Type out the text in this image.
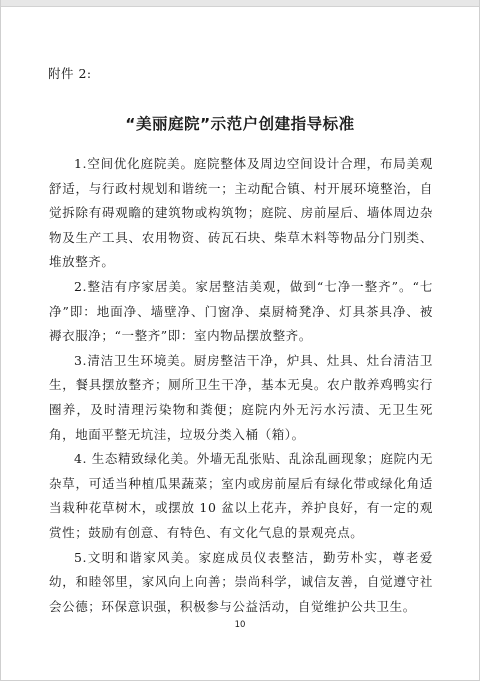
附件 2:
“美丽庭院”示范户创建指导标准

1.空间优化庭院美。庭院整体及周边空间设计合理，布局美观舒适，与行政村规划和谐统一；主动配合镇、村开展环境整治，自觉拆除有碍观瞻的建筑物或构筑物；庭院、房前屋后、墙体周边杂物及生产工具、农用物资、砖瓦石块、柴草木料等物品分门别类、堆放整齐。

2.整洁有序家居美。家居整洁美观，做到“七净一整齐”。“七净”即：地面净、墙壁净、门窗净、桌厨椅凳净、灯具茶具净、被褥衣服净；“一整齐”即：室内物品摆放整齐。

3.清洁卫生环境美。厨房整洁干净，炉具、灶具、灶台清洁卫生，餐具摆放整齐；厕所卫生干净，基本无臭。农户散养鸡鸭实行圈养，及时清理污染物和粪便；庭院内外无污水污渍、无卫生死角，地面平整无坑洼，垃圾分类入桶（箱）。

4. 生态精致绿化美。外墙无乱张贴、乱涂乱画现象；庭院内无杂草，可适当种植瓜果蔬菜；室内或房前屋后有绿化带或绿化角适当栽种花草树木，或摆放 10 盆以上花卉，养护良好，有一定的观赏性；鼓励有创意、有特色、有文化气息的景观亮点。

5.文明和谐家风美。家庭成员仪表整洁，勤劳朴实，尊老爱幼，和睦邻里，家风向上向善；崇尚科学，诚信友善，自觉遵守社会公德；环保意识强，积极参与公益活动，自觉维护公共卫生。

10
